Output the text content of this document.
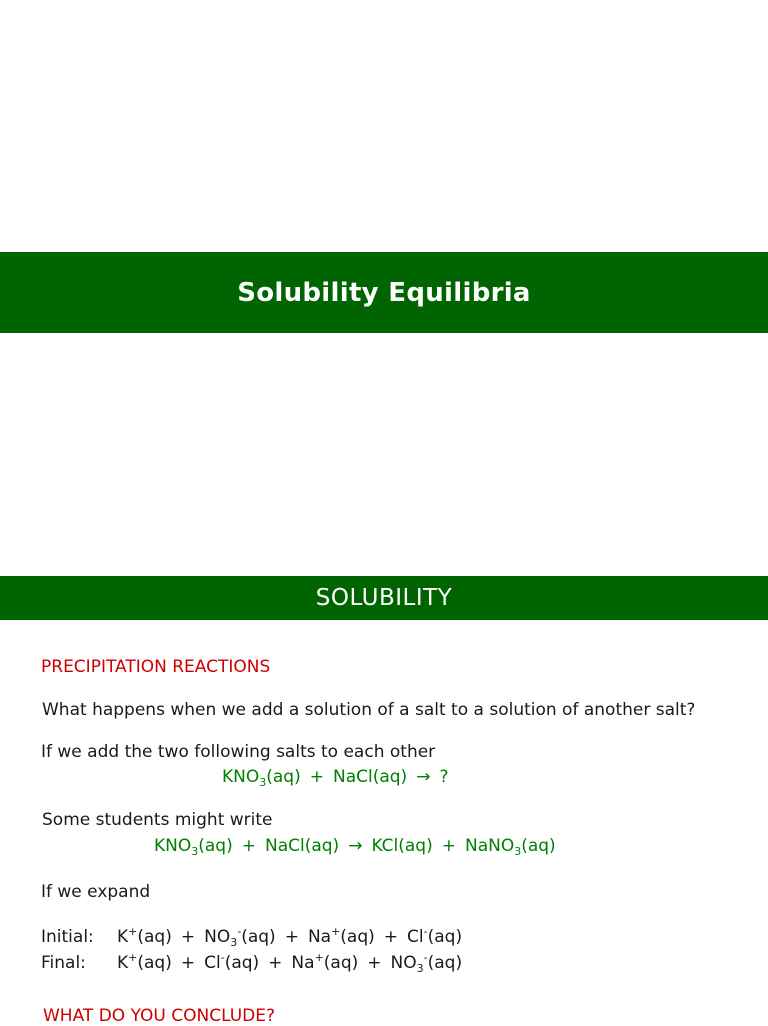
Solubility Equilibria
SOLUBILITY
PRECIPITATION REACTIONS
What happens when we add a solution of a salt to a solution of another salt?
If we add the two following salts to each other
$KNO_3(aq)$ + NaCl(aq) → ?
Some students might write
$KNO_3(aq)$ + NaCl(aq) → KCl(aq) + NaNO$_3$(aq)
If we expand
Initial: $K^+(aq) + NO_3^-(aq) + Na^+(aq) + Cl^-(aq)$
Final: $K^+(aq) + Cl^-(aq) + Na^+(aq) + NO_3^-(aq)$
WHAT DO YOU CONCLUDE?
